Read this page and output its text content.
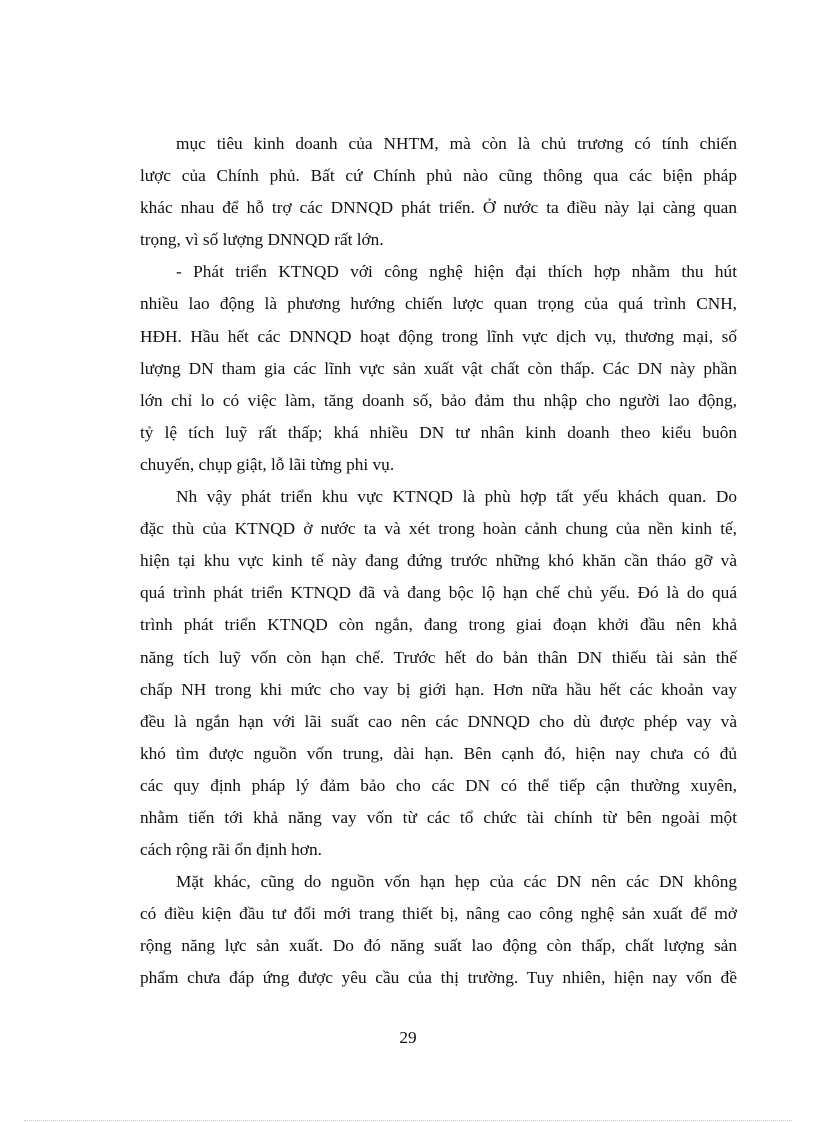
mục tiêu kinh doanh của NHTM, mà còn là chủ trương có tính chiến
lược của Chính phủ. Bất cứ Chính phủ nào cũng thông qua các biện pháp
khác nhau để hỗ trợ các DNNQD phát triển. Ở nước ta điều này lại càng quan
trọng, vì số lượng DNNQD rất lớn.
- Phát triển KTNQD với công nghệ hiện đại thích hợp nhằm thu hút
nhiều lao động là phương hướng chiến lược quan trọng của quá trình CNH,
HĐH. Hầu hết các DNNQD hoạt động trong lĩnh vực dịch vụ, thương mại, số
lượng DN tham gia các lĩnh vực sản xuất vật chất còn thấp. Các DN này phần
lớn chỉ lo có việc làm, tăng doanh số, bảo đảm thu nhập cho người lao động,
tỷ lệ tích luỹ rất thấp; khá nhiều DN tư nhân kinh doanh theo kiểu buôn
chuyến, chụp giật, lỗ lãi từng phi vụ.
Nh vậy phát triển khu vực KTNQD là phù hợp tất yếu khách quan. Do
đặc thù của KTNQD ở nước ta và xét trong hoàn cảnh chung của nền kinh tế,
hiện tại khu vực kinh tế này đang đứng trước những khó khăn cần tháo gỡ và
quá trình phát triển KTNQD đã và đang bộc lộ hạn chế chủ yếu. Đó là do quá
trình phát triển KTNQD còn ngắn, đang trong giai đoạn khởi đầu nên khả
năng tích luỹ vốn còn hạn chế. Trước hết do bản thân DN thiếu tài sản thế
chấp NH trong khi mức cho vay bị giới hạn. Hơn nữa hầu hết các khoản vay
đều là ngắn hạn với lãi suất cao nên các DNNQD cho dù được phép vay và
khó tìm được nguồn vốn trung, dài hạn. Bên cạnh đó, hiện nay chưa có đủ
các quy định pháp lý đảm bảo cho các DN có thể tiếp cận thường xuyên,
nhằm tiến tới khả năng vay vốn từ các tổ chức tài chính từ bên ngoài một
cách rộng rãi ổn định hơn.
Mặt khác, cũng do nguồn vốn hạn hẹp của các DN nên các DN không
có điều kiện đầu tư đổi mới trang thiết bị, nâng cao công nghệ sản xuất để mở
rộng năng lực sản xuất. Do đó năng suất lao động còn thấp, chất lượng sản
phẩm chưa đáp ứng được yêu cầu của thị trường. Tuy nhiên, hiện nay vốn đề
29
